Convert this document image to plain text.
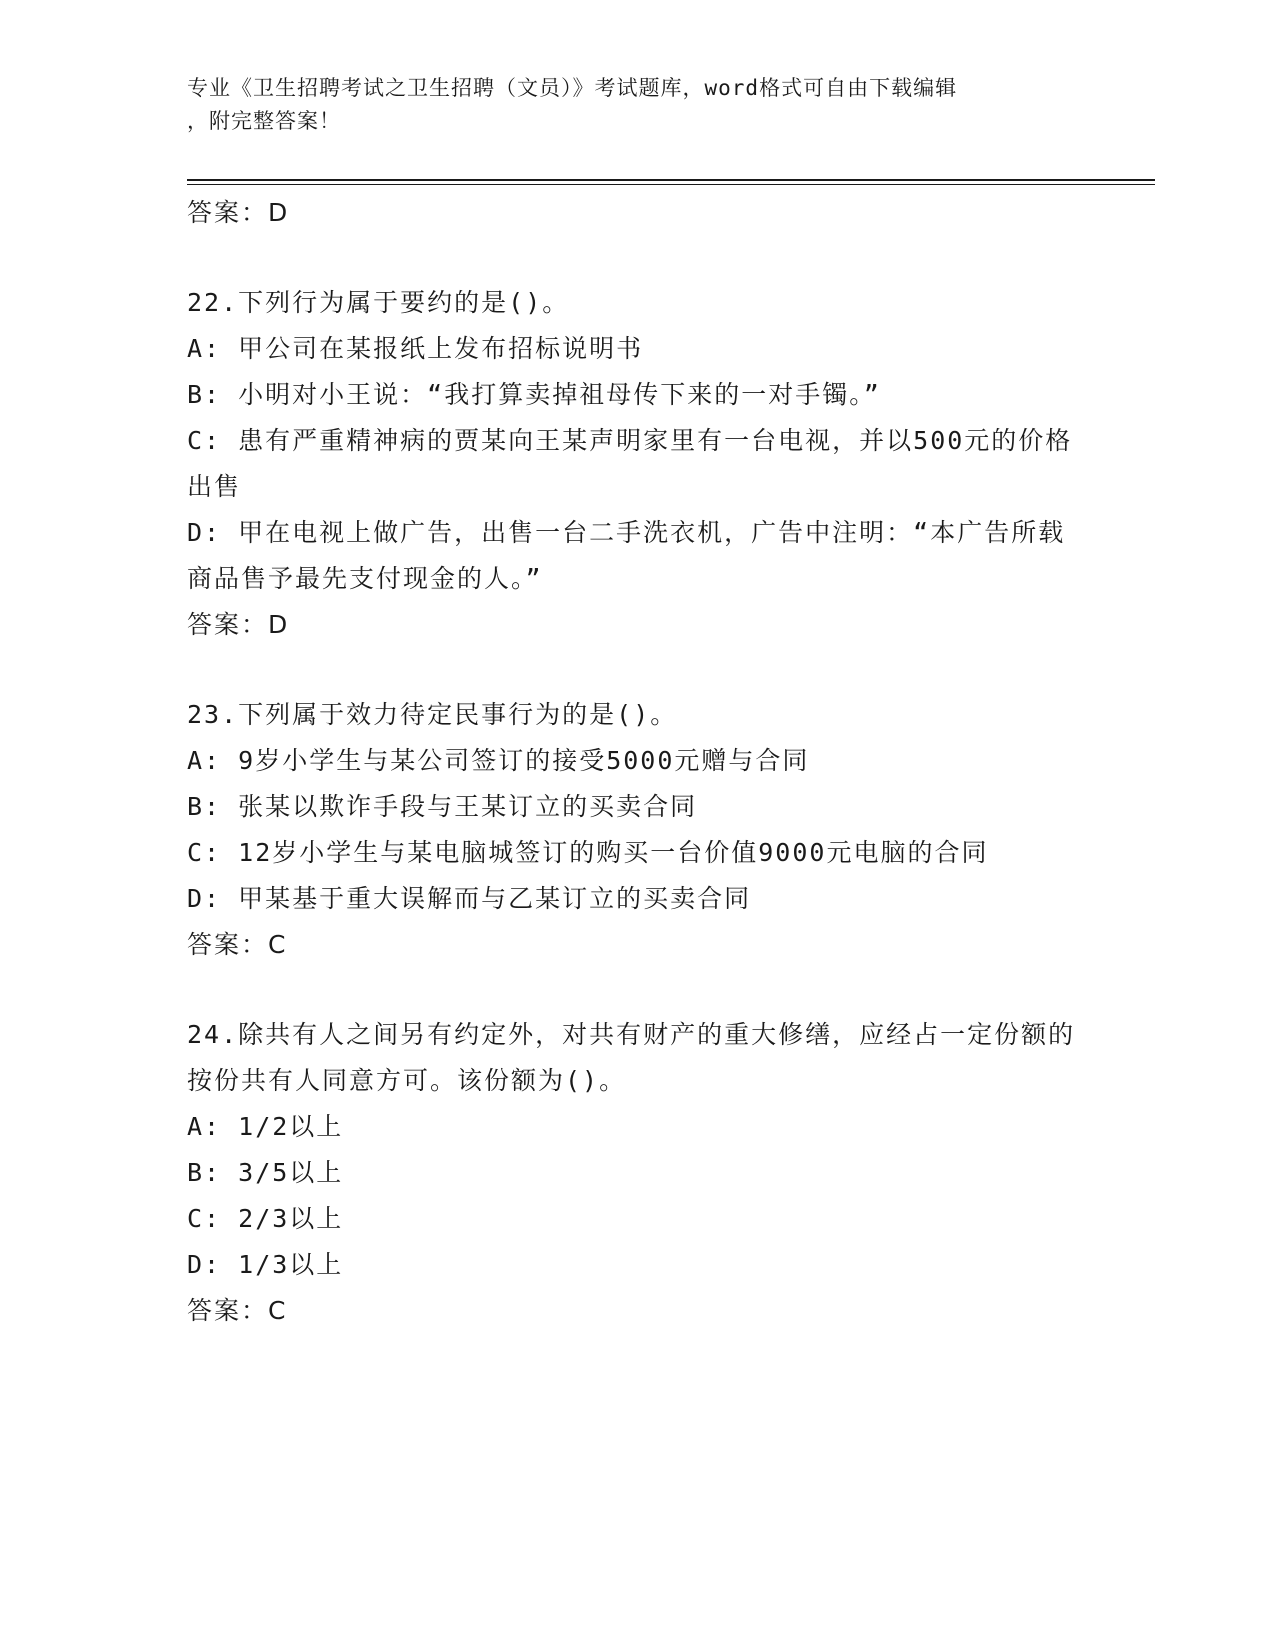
专业《卫生招聘考试之卫生招聘（文员）》考试题库，word格式可自由下载编辑
，附完整答案！
答案：D
22.下列行为属于要约的是()。
A: 甲公司在某报纸上发布招标说明书
B: 小明对小王说：“我打算卖掉祖母传下来的一对手镯。”
C: 患有严重精神病的贾某向王某声明家里有一台电视，并以500元的价格出售
D: 甲在电视上做广告，出售一台二手洗衣机，广告中注明：“本广告所载商品售予最先支付现金的人。”
答案：D
23.下列属于效力待定民事行为的是()。
A: 9岁小学生与某公司签订的接受5000元赠与合同
B: 张某以欺诈手段与王某订立的买卖合同
C: 12岁小学生与某电脑城签订的购买一台价值9000元电脑的合同
D: 甲某基于重大误解而与乙某订立的买卖合同
答案：C
24.除共有人之间另有约定外，对共有财产的重大修缮，应经占一定份额的按份共有人同意方可。该份额为()。
A: 1/2以上
B: 3/5以上
C: 2/3以上
D: 1/3以上
答案：C
